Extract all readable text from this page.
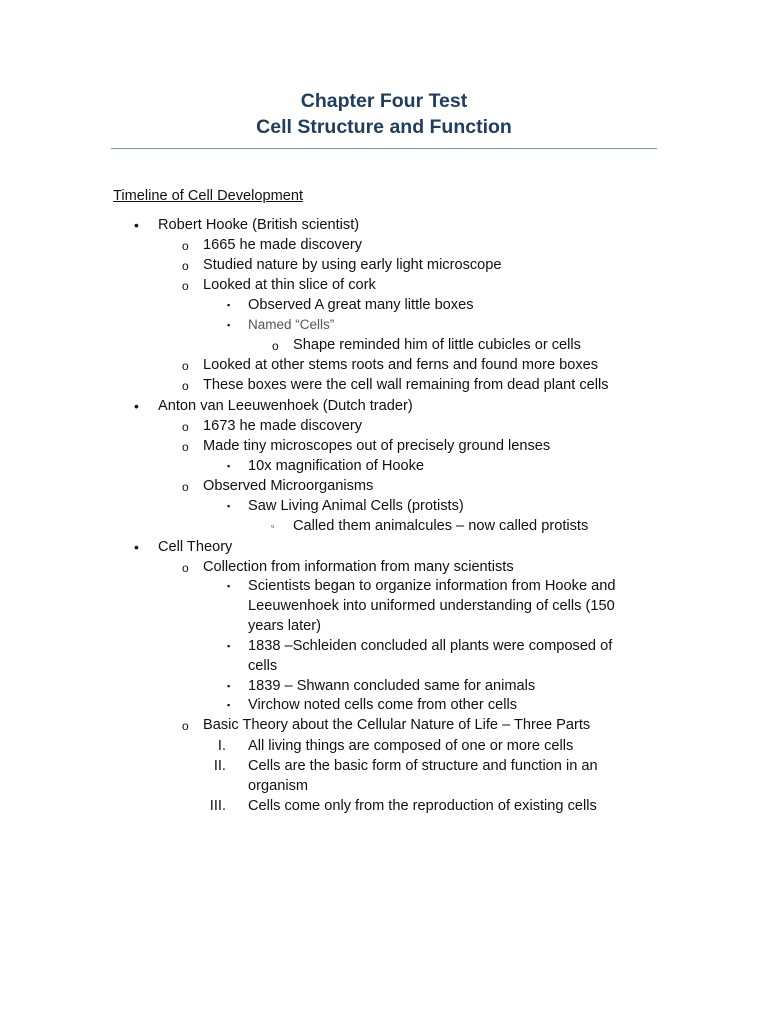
Chapter Four Test
Cell Structure and Function
Timeline of Cell Development
• Robert Hooke (British scientist)
o 1665 he made discovery
o Studied nature by using early light microscope
o Looked at thin slice of cork
▪ Observed A great many little boxes
▪ Named “Cells”
o Shape reminded him of little cubicles or cells
o Looked at other stems roots and ferns and found more boxes
o These boxes were the cell wall remaining from dead plant cells
• Anton van Leeuwenhoek (Dutch trader)
o 1673 he made discovery
o Made tiny microscopes out of precisely ground lenses
▪ 10x magnification of Hooke
o Observed Microorganisms
▪ Saw Living Animal Cells (protists)
▫ Called them animalcules – now called protists
• Cell Theory
o Collection from information from many scientists
▪ Scientists began to organize information from Hooke and
Leeuwenhoek into uniformed understanding of cells (150
years later)
▪ 1838 –Schleiden concluded all plants were composed of
cells
▪ 1839 – Shwann concluded same for animals
▪ Virchow noted cells come from other cells
o Basic Theory about the Cellular Nature of Life – Three Parts
I. All living things are composed of one or more cells
II. Cells are the basic form of structure and function in an
organism
III. Cells come only from the reproduction of existing cells
